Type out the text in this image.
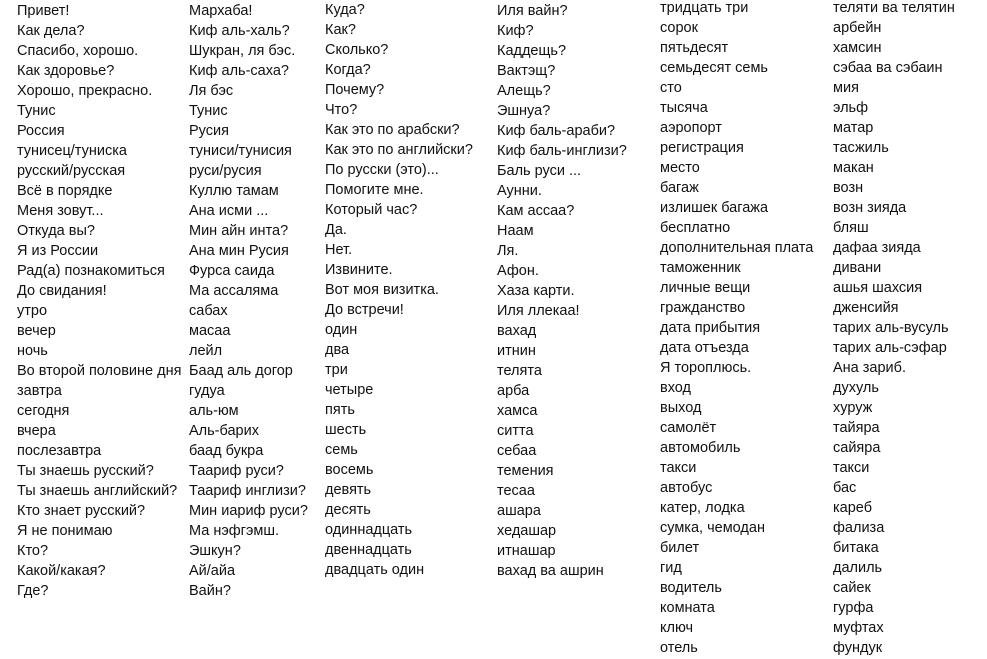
Привет!
Как дела?
Спасибо, хорошо.
Как здоровье?
Хорошо, прекрасно.
Тунис
Россия
тунисец/туниска
русский/русская
Всё в порядке
Меня зовут...
Откуда вы?
Я из России
Рад(а) познакомиться
До свидания!
утро
вечер
ночь
Во второй половине дня
завтра
сегодня
вчера
послезавтра
Ты знаешь русский?
Ты знаешь английский?
Кто знает русский?
Я не понимаю
Кто?
Какой/какая?
Где?
Мархаба!
Киф аль-халь?
Шукран, ля бэс.
Киф аль-саха?
Ля бэс
Тунис
Русия
туниси/тунисия
руси/русия
Куллю тамам
Ана исми ...
Мин айн инта?
Ана мин Русия
Фурса саида
Ма ассаляма
сабах
масаа
лейл
Баад аль догор
гудуа
аль-юм
Аль-барих
баад букра
Таариф руси?
Таариф инглизи?
Мин иариф руси?
Ма нэфгэмш.
Эшкун?
Ай/айа
Вайн?
Куда?
Как?
Сколько?
Когда?
Почему?
Что?
Как это по арабски?
Как это по английски?
По русски (это)...
Помогите мне.
Который час?
Да.
Нет.
Извините.
Вот моя визитка.
До встречи!
один
два
три
четыре
пять
шесть
семь
восемь
девять
десять
одиннадцать
двеннадцать
двадцать один
Иля вайн?
Киф?
Каддещь?
Вактэщ?
Алещь?
Эшнуа?
Киф баль-араби?
Киф баль-инглизи?
Баль руси ...
Аунни.
Кам ассаа?
Наам
Ля.
Афон.
Хаза карти.
Иля ллекаа!
вахад
итнин
телята
арба
хамса
ситта
себаа
темения
тесаа
ашара
хедашар
итнашар
вахад ва ашрин
тридцать три
сорок
пятьдесят
семьдесят семь
сто
тысяча
аэропорт
регистрация
место
багаж
излишек багажа
бесплатно
дополнительная плата
таможенник
личные вещи
гражданство
дата прибытия
дата отъезда
Я тороплюсь.
вход
выход
самолёт
автомобиль
такси
автобус
катер, лодка
сумка, чемодан
билет
гид
водитель
комната
ключ
отель
теляти ва телятин
арбейн
хамсин
сэбаа ва сэбаин
мия
эльф
матар
тасжиль
макан
возн
возн зияда
бляш
дафаа зияда
дивани
ашья шахсия
дженсийя
тарих аль-вусуль
тарих аль-сэфар
Ана зариб.
духуль
хуруж
тайяра
сайяра
такси
бас
кареб
фализа
битака
далиль
сайек
гурфа
муфтах
фундук
